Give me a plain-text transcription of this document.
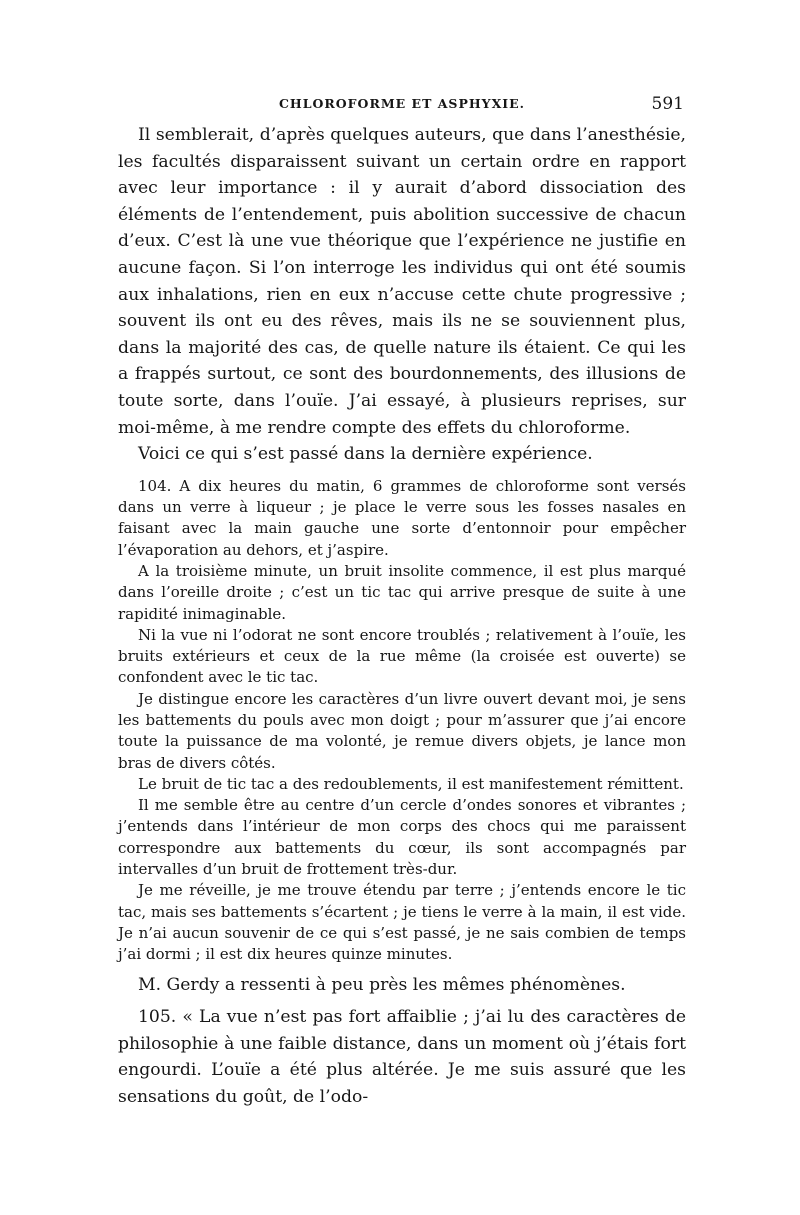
CHLOROFORME ET ASPHYXIE.	591

Il semblerait, d’après quelques auteurs, que dans l’anesthésie, les facultés disparaissent suivant un certain ordre en rapport avec leur importance : il y aurait d’abord dissociation des éléments de l’entendement, puis abolition successive de chacun d’eux. C’est là une vue théorique que l’expérience ne justifie en aucune façon. Si l’on interroge les individus qui ont été soumis aux inhalations, rien en eux n’accuse cette chute progressive ; souvent ils ont eu des rêves, mais ils ne se souviennent plus, dans la majorité des cas, de quelle nature ils étaient. Ce qui les a frappés surtout, ce sont des bourdonnements, des illusions de toute sorte, dans l’ouïe. J’ai essayé, à plusieurs reprises, sur moi-même, à me rendre compte des effets du chloroforme.

Voici ce qui s’est passé dans la dernière expérience.

104. A dix heures du matin, 6 grammes de chloroforme sont versés dans un verre à liqueur ; je place le verre sous les fosses nasales en faisant avec la main gauche une sorte d’entonnoir pour empêcher l’évaporation au dehors, et j’aspire.

A la troisième minute, un bruit insolite commence, il est plus marqué dans l’oreille droite ; c’est un tic tac qui arrive presque de suite à une rapidité inimaginable.

Ni la vue ni l’odorat ne sont encore troublés ; relativement à l’ouïe, les bruits extérieurs et ceux de la rue même (la croisée est ouverte) se confondent avec le tic tac.

Je distingue encore les caractères d’un livre ouvert devant moi, je sens les battements du pouls avec mon doigt ; pour m’assurer que j’ai encore toute la puissance de ma volonté, je remue divers objets, je lance mon bras de divers côtés.

Le bruit de tic tac a des redoublements, il est manifestement rémittent.

Il me semble être au centre d’un cercle d’ondes sonores et vibrantes ; j’entends dans l’intérieur de mon corps des chocs qui me paraissent correspondre aux battements du cœur, ils sont accompagnés par intervalles d’un bruit de frottement très-dur.

Je me réveille, je me trouve étendu par terre ; j’entends encore le tic tac, mais ses battements s’écartent ; je tiens le verre à la main, il est vide. Je n’ai aucun souvenir de ce qui s’est passé, je ne sais combien de temps j’ai dormi ; il est dix heures quinze minutes.

M. Gerdy a ressenti à peu près les mêmes phénomènes.

105. « La vue n’est pas fort affaiblie ; j’ai lu des caractères de philosophie à une faible distance, dans un moment où j’étais fort engourdi. L’ouïe a été plus altérée. Je me suis assuré que les sensations du goût, de l’odo-
